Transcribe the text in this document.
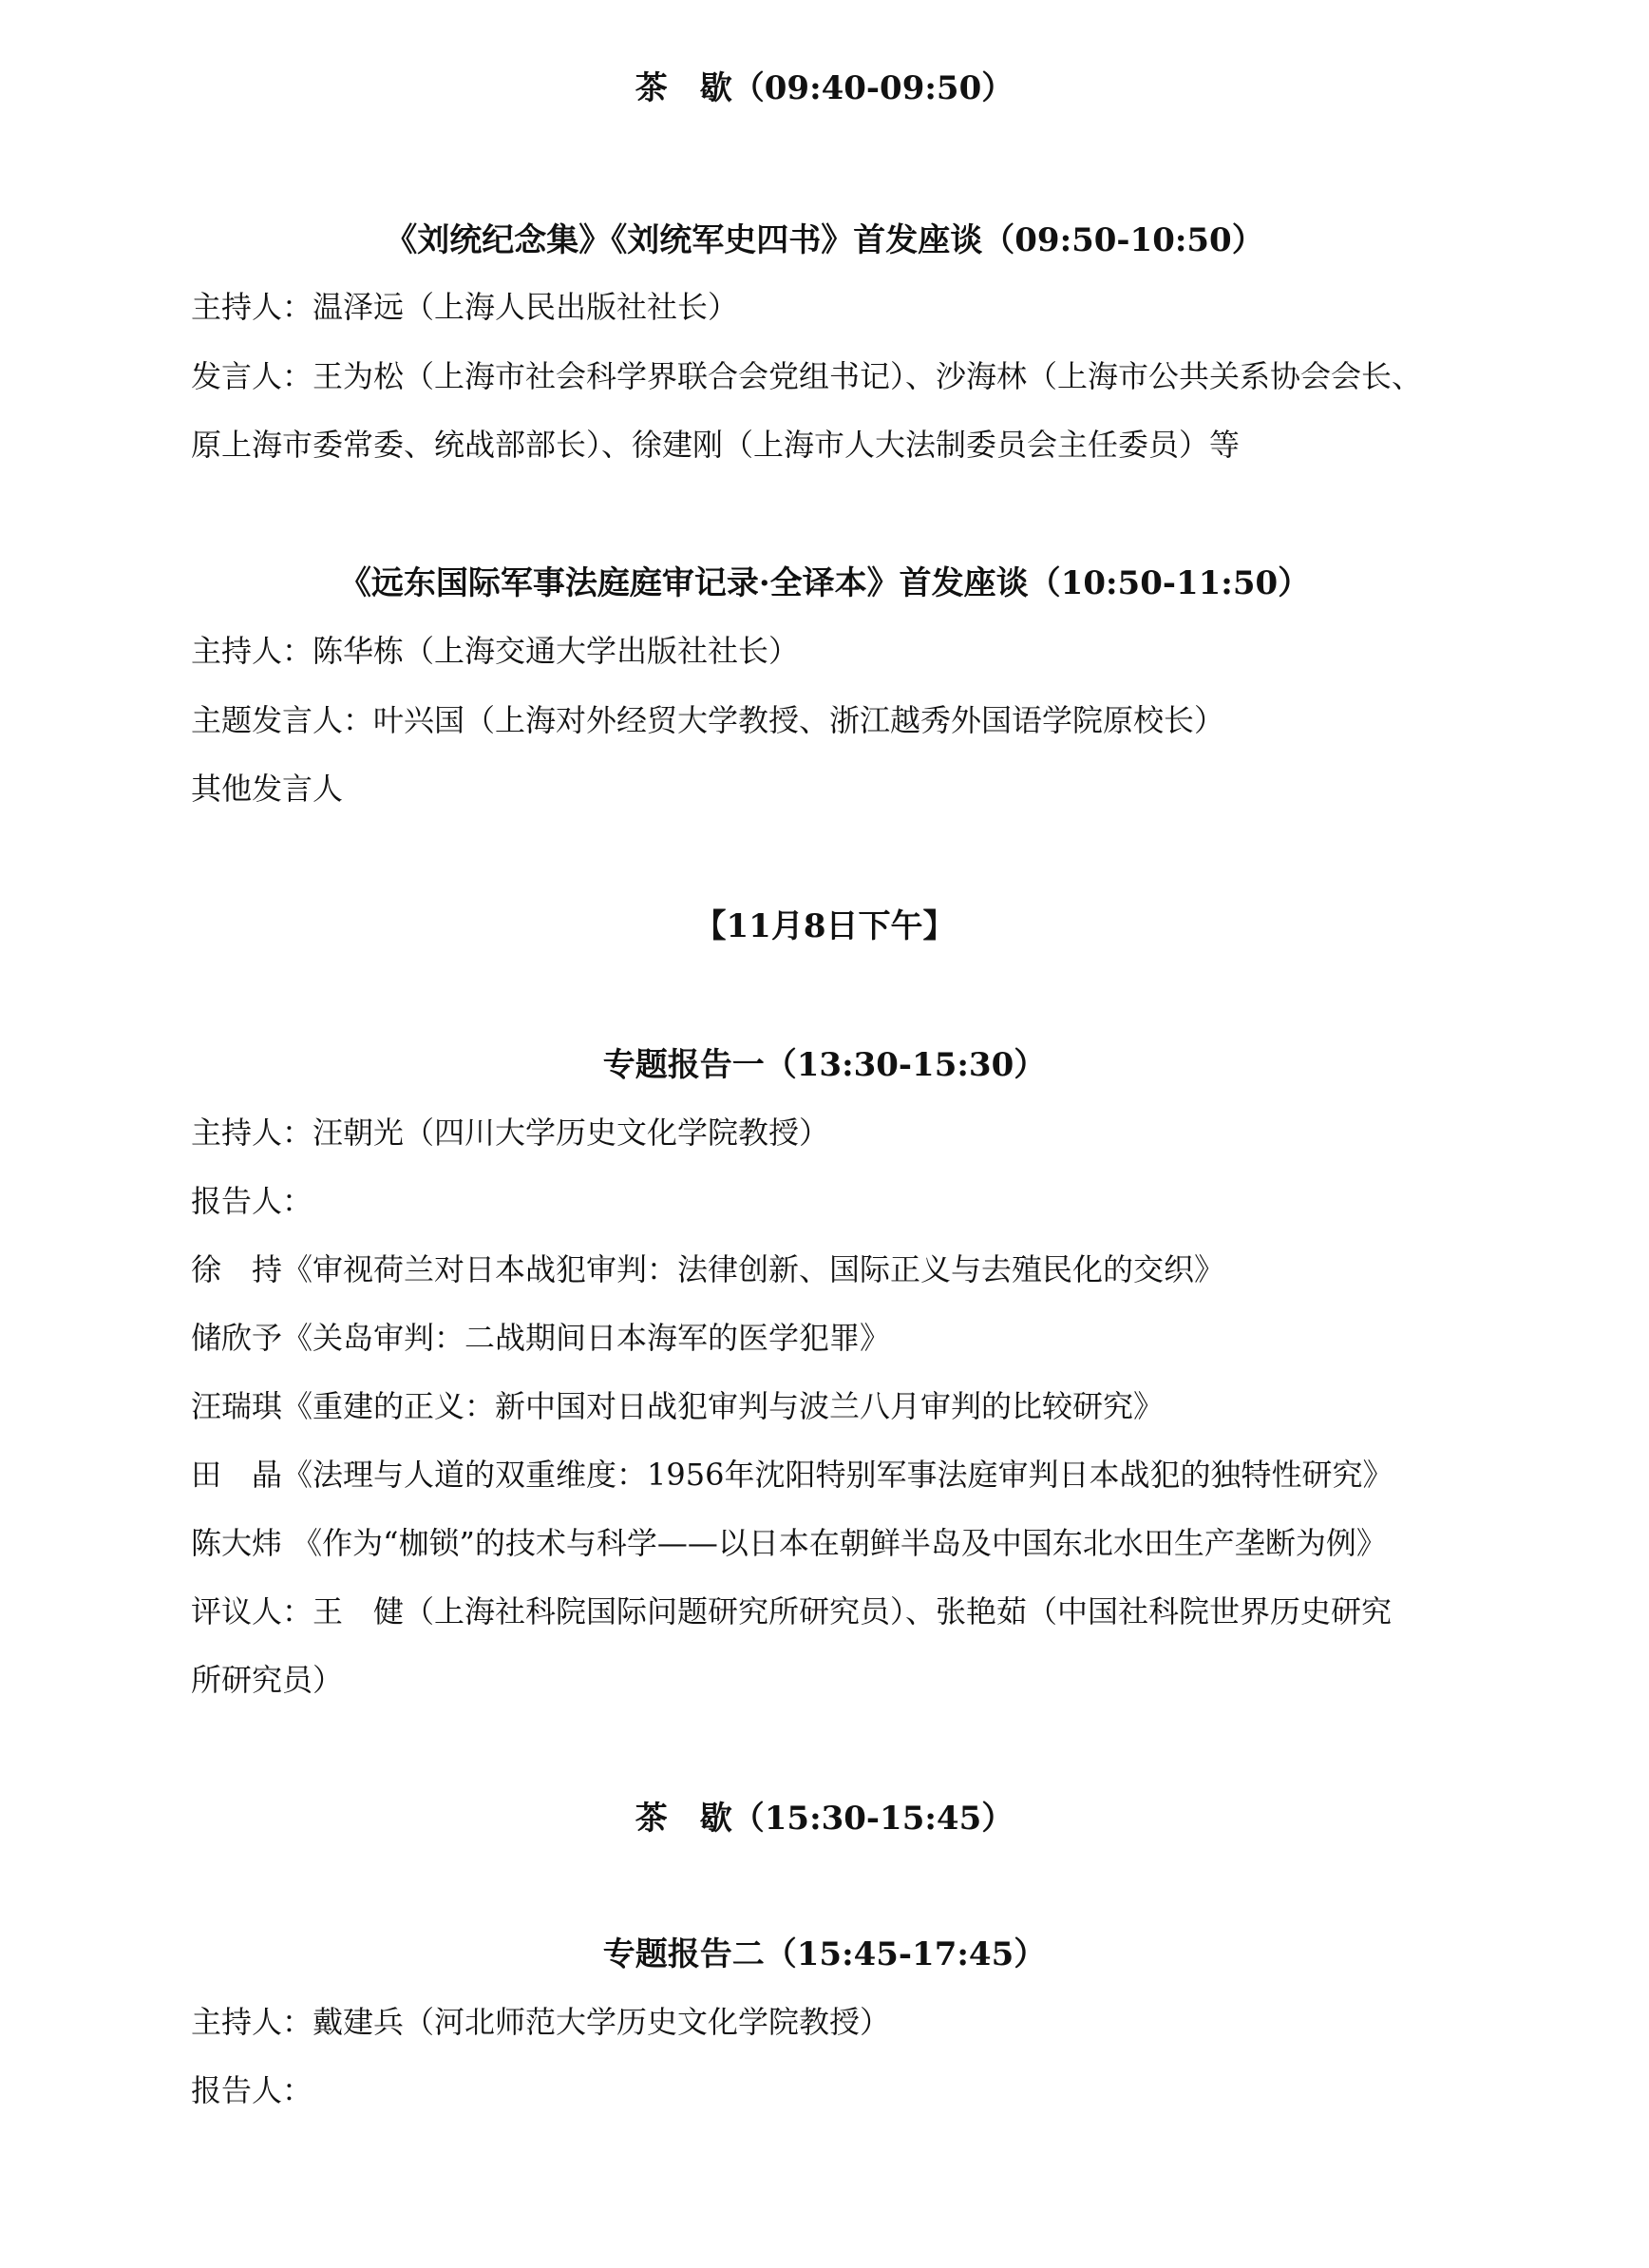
茶　歇（09:40-09:50）
《刘统纪念集》《刘统军史四书》首发座谈（09:50-10:50）
主持人：温泽远（上海人民出版社社长）
发言人：王为松（上海市社会科学界联合会党组书记）、沙海林（上海市公共关系协会会长、
原上海市委常委、统战部部长）、徐建刚（上海市人大法制委员会主任委员）等
《远东国际军事法庭庭审记录·全译本》首发座谈（10:50-11:50）
主持人：陈华栋（上海交通大学出版社社长）
主题发言人：叶兴国（上海对外经贸大学教授、浙江越秀外国语学院原校长）
其他发言人
【11月8日下午】
专题报告一（13:30-15:30）
主持人：汪朝光（四川大学历史文化学院教授）
报告人：
徐　持《审视荷兰对日本战犯审判：法律创新、国际正义与去殖民化的交织》
储欣予《关岛审判：二战期间日本海军的医学犯罪》
汪瑞琪《重建的正义：新中国对日战犯审判与波兰八月审判的比较研究》
田　晶《法理与人道的双重维度：1956年沈阳特别军事法庭审判日本战犯的独特性研究》
陈大炜 《作为“枷锁”的技术与科学——以日本在朝鲜半岛及中国东北水田生产垄断为例》
评议人：王　健（上海社科院国际问题研究所研究员）、张艳茹（中国社科院世界历史研究
所研究员）
茶　歇（15:30-15:45）
专题报告二（15:45-17:45）
主持人：戴建兵（河北师范大学历史文化学院教授）
报告人：
